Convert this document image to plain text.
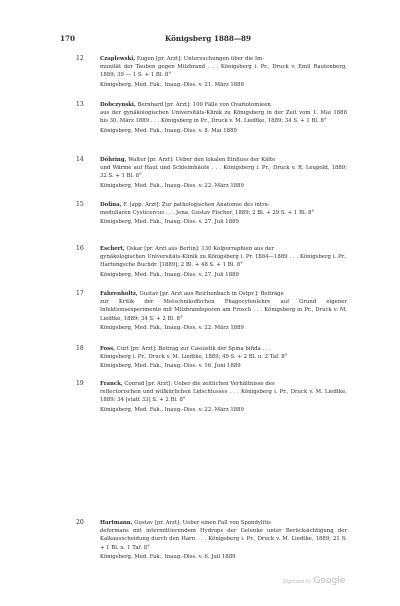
170	Königsberg 1888—89
12	Czaplewski, Eugen [pr. Arzt]: Untersuchungen über die Im-
munität der Tauben gegen Milzbrand . . . Königsberg i. Pr., Druck v. Emil Rautenberg, 1889; 39 — 1 S. + 1 Bl. 8°
Königsberg, Med. Fak., Inaug.-Diss. v. 21. März 1889
13	Dobczynski, Bernhard [pr. Arzt]: 100 Fälle von Ovariotomieen
aus der gynäkologischen Universitäts-Klinik zu Königsberg in der Zeit vom 1. Mai 1888 bis 30. März 1889 . . . Königsberg in Pr., Druck v. M. Liedtke, 1889; 34 S. + 1 Bl. 8°
Königsberg, Med. Fak., Inaug.-Diss. v. 8. Mai 1889
14	Döhring, Walter [pr. Arzt]: Ueber den lokalen Einfluss der Kälte
und Wärme auf Haut und Schleimhäute . . . Königsberg i. Pr., Druck v. R. Leupold, 1889; 32 S. + 1 Bl. 8°
Königsberg, Med. Fak., Inaug.-Diss. v. 22. März 1889
15	Dolina, F. [app. Arzt]: Zur pathologischen Anatomie des intra-
medullaren Cysticercus . . . Jena, Gustav Fischer, 1889; 2 Bl. + 29 S. + 1 Bl. 8°
Königsberg, Med. Fak., Inaug.-Diss. v. 27. Juli 1889
16	Eschert, Oskar [pr. Arzt aus Berlin]: 130 Kolporraphien aus der
gynäkologischen Universitäts-Klinik zu Königsberg i. Pr. 1884—1889 . . . Königsberg i. Pr., Hartungsche Buchdr. [1889]; 2 Bl. + 48 S. + 1 Bl. 8°
Königsberg, Med. Fak., Inaug.-Diss. v. 27. Juli 1889
17	Fahrenholtz, Gustav [pr. Arzt aus Reichenbach in Ostpr.]: Beiträge
zur Kritik der Metschnikoffschen Phagocytenlehre auf Grund eigener Infektionsexperimente mit Milzbrandsporen am Frosch . . . Königsberg in Pr., Druck v. M. Liedtke, 1889; 34 S. + 2 Bl. 8°
Königsberg, Med. Fak., Inaug.-Diss. v. 22. März 1889
18	Foss, Curt [pr. Arzt]: Beitrag zur Casuistik der Spina bifida . . .
Königsberg i. Pr., Druck v. M. Liedtke, 1889; 49 S. + 2 Bl. u. 2 Taf. 8°
Königsberg, Med. Fak., Inaug.-Diss. v. 16. Juni 1889
19	Franck, Conrad [pr. Arzt]: Ueber die zeitlichen Verhältnisse des
reflectorischen und willkürlichen Lidschlusses . . . Königsberg i. Pr., Druck v. M. Liedtke, 1889; 34 [statt 33] S. + 2 Bl. 8°
Königsberg, Med. Fak., Inaug.-Diss. v. 22. März 1889
20	Hartmann, Gustav [pr. Arzt]: Ueber einen Fall von Spondylitis
deformans mit intermittierendem Hydrops der Gelenke unter Berücksichtigung der Kalkausscheidung durch den Harn . . . Königsberg i. Pr., Druck v. M. Liedtke, 1889; 21 S. + 1 Bl. u. 1 Taf. 8°
Königsberg, Med. Fak., Inaug.-Diss. v. 6. Juli 1889
Digitized by Google
